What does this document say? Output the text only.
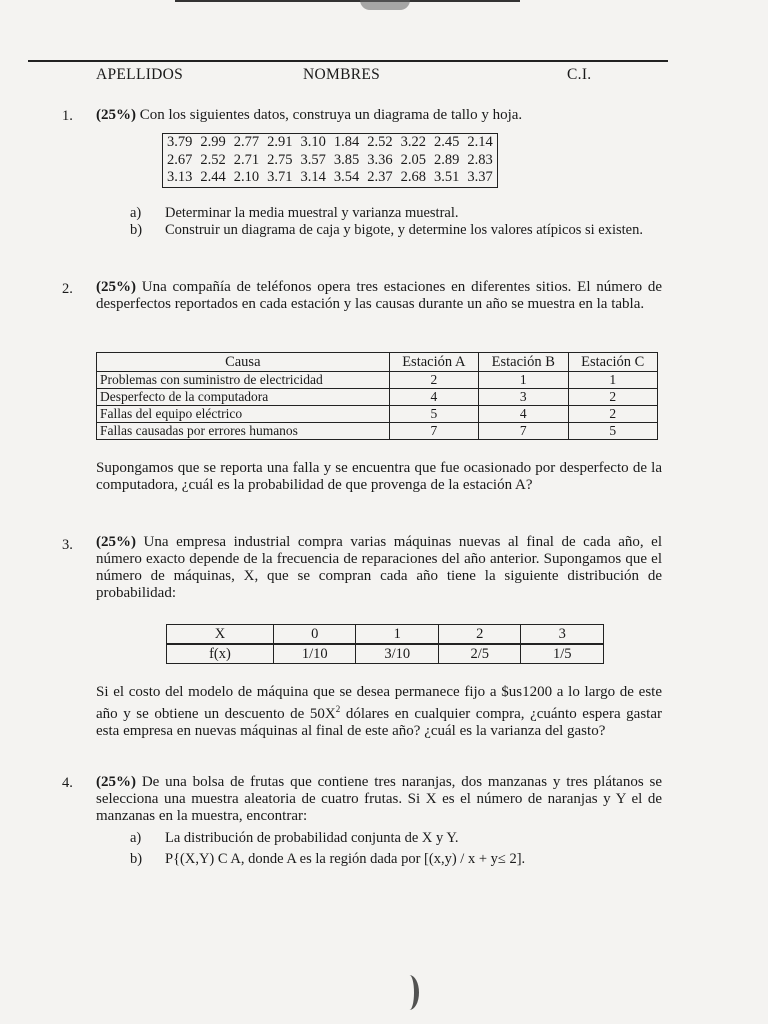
APELLIDOS	NOMBRES	C.I.
1. (25%) Con los siguientes datos, construya un diagrama de tallo y hoja.

3.79	2.99	2.77	2.91	3.10	1.84	2.52	3.22	2.45	2.14
2.67	2.52	2.71	2.75	3.57	3.85	3.36	2.05	2.89	2.83
3.13	2.44	2.10	3.71	3.14	3.54	2.37	2.68	3.51	3.37
a) Determinar la media muestral y varianza muestral.
b) Construir un diagrama de caja y bigote, y determine los valores atípicos si existen.
2. (25%) Una compañía de teléfonos opera tres estaciones en diferentes sitios. El número de desperfectos reportados en cada estación y las causas durante un año se muestra en la tabla.

Causa	Estación A	Estación B	Estación C
Problemas con suministro de electricidad	2	1	1
Desperfecto de la computadora	4	3	2
Fallas del equipo eléctrico	5	4	2
Fallas causadas por errores humanos	7	7	5

Supongamos que se reporta una falla y se encuentra que fue ocasionado por desperfecto de la computadora, ¿cuál es la probabilidad de que provenga de la estación A?

3. (25%) Una empresa industrial compra varias máquinas nuevas al final de cada año, el número exacto depende de la frecuencia de reparaciones del año anterior. Supongamos que el número de máquinas, X, que se compran cada año tiene la siguiente distribución de probabilidad:

X	0	1	2	3
f(x)	1/10	3/10	2/5	1/5

Si el costo del modelo de máquina que se desea permanece fijo a $us1200 a lo largo de este año y se obtiene un descuento de $50X^2$ dólares en cualquier compra, ¿cuánto espera gastar esta empresa en nuevas máquinas al final de este año? ¿cuál es la varianza del gasto?

4. (25%) De una bolsa de frutas que contiene tres naranjas, dos manzanas y tres plátanos se selecciona una muestra aleatoria de cuatro frutas. Si X es el número de naranjas y Y el de manzanas en la muestra, encontrar:

a) La distribución de probabilidad conjunta de X y Y.
b) P{(X,Y) C A, donde A es la región dada por [(x,y) / x + y≤ 2].
